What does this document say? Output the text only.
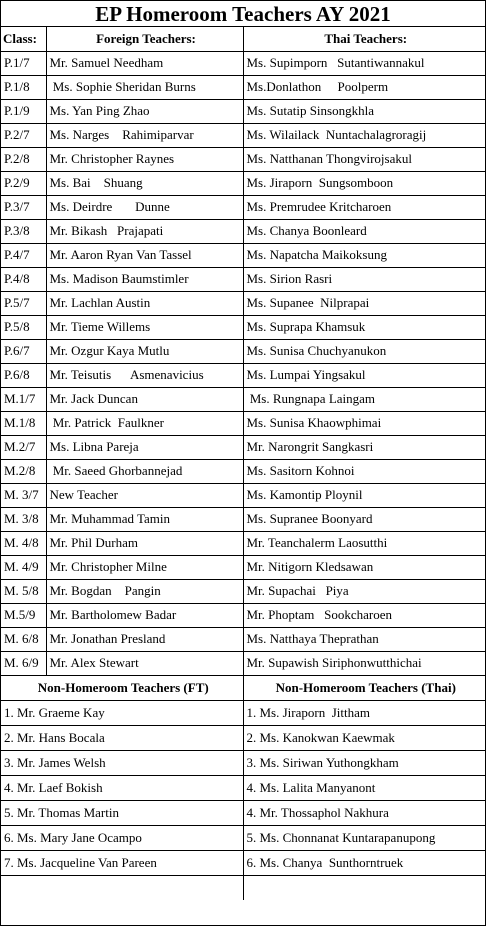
EP Homeroom Teachers AY 2021
Class:	Foreign Teachers:	Thai Teachers:
P.1/7	Mr. Samuel Needham	Ms. Supimporn   Sutantiwannakul
P.1/8	Ms. Sophie Sheridan Burns	Ms.Donlathon     Poolperm
P.1/9	Ms. Yan Ping Zhao	Ms. Sutatip Sinsongkhla
P.2/7	Ms. Narges    Rahimiparvar	Ms. Wilailack  Nuntachalagroragij
P.2/8	Mr. Christopher Raynes	Ms. Natthanan Thongvirojsakul
P.2/9	Ms. Bai    Shuang	Ms. Jiraporn  Sungsomboon
P.3/7	Ms. Deirdre       Dunne	Ms. Premrudee Kritcharoen
P.3/8	Mr. Bikash   Prajapati	Ms. Chanya Boonleard
P.4/7	Mr. Aaron Ryan Van Tassel	Ms. Napatcha Maikoksung
P.4/8	Ms. Madison Baumstimler	Ms. Sirion Rasri
P.5/7	Mr. Lachlan Austin	Ms. Supanee  Nilprapai
P.5/8	Mr. Tieme Willems	Ms. Suprapa Khamsuk
P.6/7	Mr. Ozgur Kaya Mutlu	Ms. Sunisa Chuchyanukon
P.6/8	Mr. Teisutis      Asmenavicius	Ms. Lumpai Yingsakul
M.1/7	Mr. Jack Duncan	Ms. Rungnapa Laingam
M.1/8	Mr. Patrick  Faulkner	Ms. Sunisa Khaowphimai
M.2/7	Ms. Libna Pareja	Mr. Narongrit Sangkasri
M.2/8	Mr. Saeed Ghorbannejad	Ms. Sasitorn Kohnoi
M. 3/7	New Teacher	Ms. Kamontip Ploynil
M. 3/8	Mr. Muhammad Tamin	Ms. Supranee Boonyard
M. 4/8	Mr. Phil Durham	Mr. Teanchalerm Laosutthi
M. 4/9	Mr. Christopher Milne	Mr. Nitigorn Kledsawan
M. 5/8	Mr. Bogdan    Pangin	Mr. Supachai   Piya
M.5/9	Mr. Bartholomew Badar	Mr. Phoptam   Sookcharoen
M. 6/8	Mr. Jonathan Presland	Ms. Natthaya Theprathan
M. 6/9	Mr. Alex Stewart	Mr. Supawish Siriphonwutthichai
Non-Homeroom Teachers (FT)	Non-Homeroom Teachers (Thai)
1. Mr. Graeme Kay	1. Ms. Jiraporn  Jittham
2. Mr. Hans Bocala	2. Ms. Kanokwan Kaewmak
3. Mr. James Welsh	3. Ms. Siriwan Yuthongkham
4. Mr. Laef Bokish	4. Ms. Lalita Manyanont
5. Mr. Thomas Martin	4. Mr. Thossaphol Nakhura
6. Ms. Mary Jane Ocampo	5. Ms. Chonnanat Kuntarapanupong
7. Ms. Jacqueline Van Pareen	6. Ms. Chanya  Sunthorntruek
